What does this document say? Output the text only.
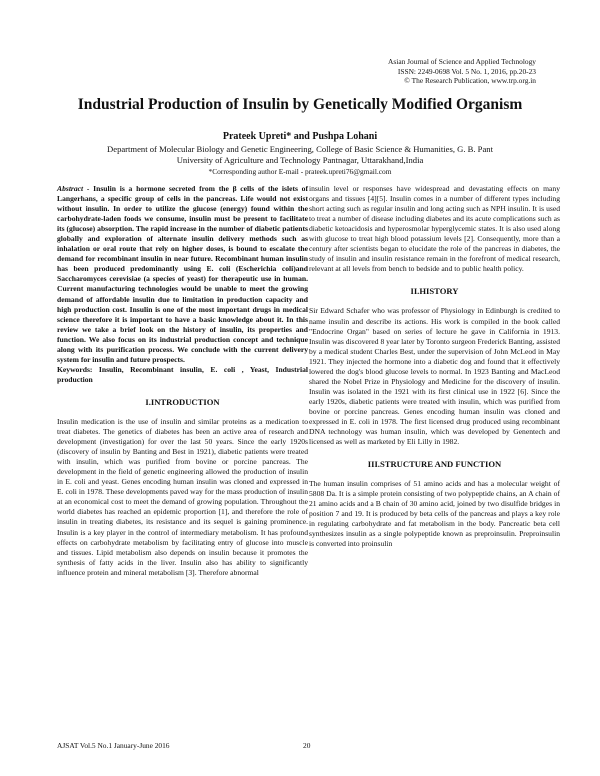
Asian Journal of Science and Applied Technology
ISSN: 2249-0698 Vol. 5 No. 1, 2016, pp.20-23
© The Research Publication, www.trp.org.in
Industrial Production of Insulin by Genetically Modified Organism
Prateek Upreti* and Pushpa Lohani
Department of Molecular Biology and Genetic Engineering, College of Basic Science & Humanities, G. B. Pant
University of Agriculture and Technology Pantnagar, Uttarakhand,India
*Corresponding author E-mail - prateek.upreti76@gmail.com

Abstract - Insulin is a hormone secreted from the β cells of the islets of Langerhans, a specific group of cells in the pancreas. Life would not exist without insulin. In order to utilize the glucose (energy) found within the carbohydrate-laden foods we consume, insulin must be present to facilitate its (glucose) absorption. The rapid increase in the number of diabetic patients globally and exploration of alternate insulin delivery methods such as inhalation or oral route that rely on higher doses, is bound to escalate the demand for recombinant insulin in near future. Recombinant human insulin has been produced predominantly using E. coli (Escherichia coli)and Saccharomyces cerevisiae (a species of yeast) for therapeutic use in human. Current manufacturing technologies would be unable to meet the growing demand of affordable insulin due to limitation in production capacity and high production cost. Insulin is one of the most important drugs in medical science therefore it is important to have a basic knowledge about it. In this review we take a brief look on the history of insulin, its properties and function. We also focus on its industrial production concept and technique along with its purification process. We conclude with the current delivery system for insulin and future prospects.

Keywords: Insulin, Recombinant insulin, E. coli , Yeast, Industrial production

I.INTRODUCTION

Insulin medication is the use of insulin and similar proteins as a medication to treat diabetes. The genetics of diabetes has been an active area of research and development (investigation) for over the last 50 years. Since the early 1920s (discovery of insulin by Banting and Best in 1921), diabetic patients were treated with insulin, which was purified from bovine or porcine pancreas. The development in the field of genetic engineering allowed the production of insulin in E. coli and yeast. Genes encoding human insulin was cloned and expressed in E. coli in 1978. These developments paved way for the mass production of insulin at an economical cost to meet the demand of growing population. Throughout the world diabetes has reached an epidemic proportion [1], and therefore the role of insulin in treating diabetes, its resistance and its sequel is gaining prominence. Insulin is a key player in the control of intermediary metabolism. It has profound effects on carbohydrate metabolism by facilitating entry of glucose into muscle and tissues. Lipid metabolism also depends on insulin because it promotes the synthesis of fatty acids in the liver. Insulin also has ability to significantly influence protein and mineral metabolism [3]. Therefore abnormal

insulin level or responses have widespread and devastating effects on many organs and tissues [4][5]. Insulin comes in a number of different types including short acting such as regular insulin and long acting such as NPH insulin. It is used to treat a number of disease including diabetes and its acute complications such as diabetic ketoacidosis and hyperosmolar hyperglycemic states. It is also used along with glucose to treat high blood potassium levels [2]. Consequently, more than a century after scientists began to elucidate the role of the pancreas in diabetes, the study of insulin and insulin resistance remain in the forefront of medical research, relevant at all levels from bench to bedside and to public health policy.

II.HISTORY

Sir Edward Schafer who was professor of Physiology in Edinburgh is credited to name insulin and describe its actions. His work is compiled in the book called "Endocrine Organ" based on series of lecture he gave in California in 1913. Insulin was discovered 8 year later by Toronto surgeon Frederick Banting, assisted by a medical student Charles Best, under the supervision of John McLeod in May 1921. They injected the hormone into a diabetic dog and found that it effectively lowered the dog's blood glucose levels to normal. In 1923 Banting and MacLeod shared the Nobel Prize in Physiology and Medicine for the discovery of insulin. Insulin was isolated in the 1921 with its first clinical use in 1922 [6]. Since the early 1920s, diabetic patients were treated with insulin, which was purified from bovine or porcine pancreas. Genes encoding human insulin was cloned and expressed in E. coli in 1978. The first licensed drug produced using recombinant DNA technology was human insulin, which was developed by Genentech and licensed as well as marketed by Eli Lilly in 1982.

III.STRUCTURE AND FUNCTION

The human insulin comprises of 51 amino acids and has a molecular weight of 5808 Da. It is a simple protein consisting of two polypeptide chains, an A chain of 21 amino acids and a B chain of 30 amino acid, joined by two disulfide bridges in position 7 and 19. It is produced by beta cells of the pancreas and plays a key role in regulating carbohydrate and fat metabolism in the body. Pancreatic beta cell synthesizes insulin as a single polypeptide known as preproinsulin. Preproinsulin is converted into proinsulin

AJSAT Vol.5 No.1 January-June 2016	20
